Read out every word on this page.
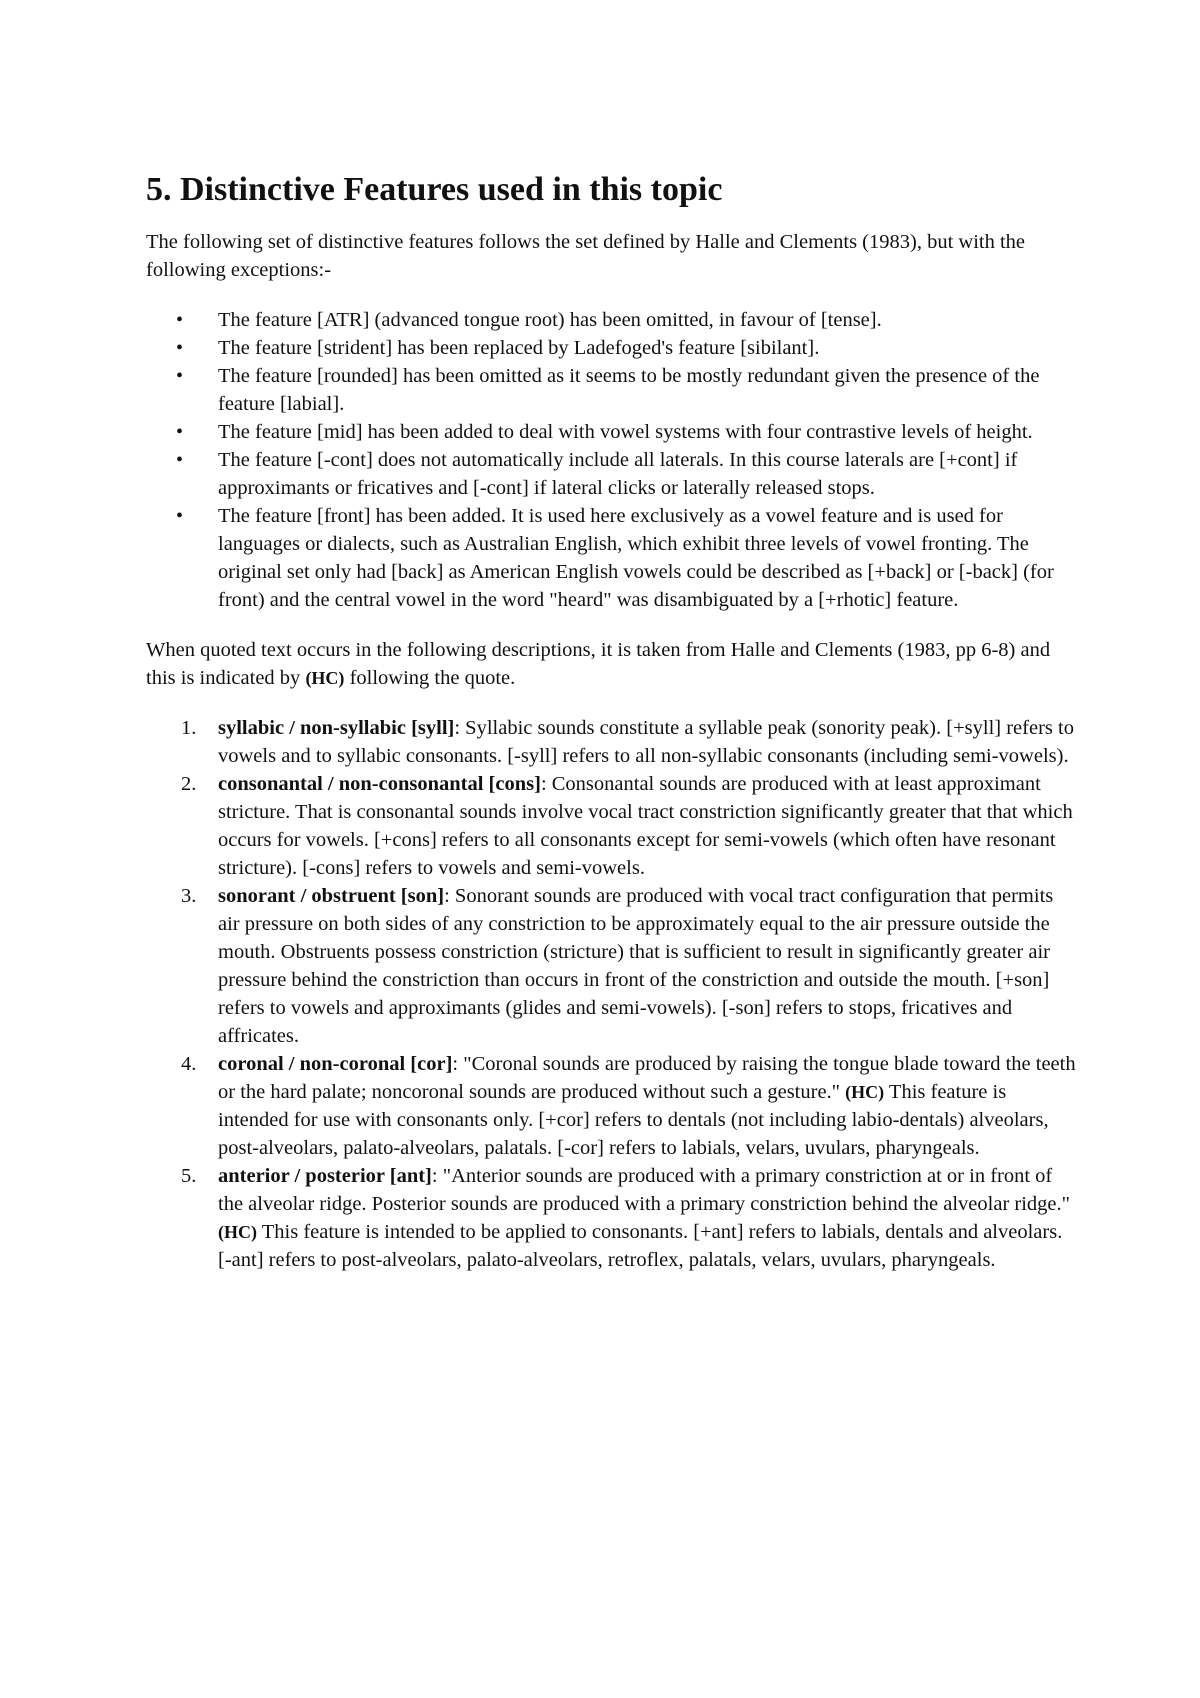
5. Distinctive Features used in this topic

The following set of distinctive features follows the set defined by Halle and Clements (1983), but with the following exceptions:-

• The feature [ATR] (advanced tongue root) has been omitted, in favour of [tense].
• The feature [strident] has been replaced by Ladefoged's feature [sibilant].
• The feature [rounded] has been omitted as it seems to be mostly redundant given the presence of the feature [labial].
• The feature [mid] has been added to deal with vowel systems with four contrastive levels of height.
• The feature [-cont] does not automatically include all laterals. In this course laterals are [+cont] if approximants or fricatives and [-cont] if lateral clicks or laterally released stops.
• The feature [front] has been added. It is used here exclusively as a vowel feature and is used for languages or dialects, such as Australian English, which exhibit three levels of vowel fronting. The original set only had [back] as American English vowels could be described as [+back] or [-back] (for front) and the central vowel in the word "heard" was disambiguated by a [+rhotic] feature.

When quoted text occurs in the following descriptions, it is taken from Halle and Clements (1983, pp 6-8) and this is indicated by (HC) following the quote.

1. syllabic / non-syllabic [syll]: Syllabic sounds constitute a syllable peak (sonority peak). [+syll] refers to vowels and to syllabic consonants. [-syll] refers to all non-syllabic consonants (including semi-vowels).
2. consonantal / non-consonantal [cons]: Consonantal sounds are produced with at least approximant stricture. That is consonantal sounds involve vocal tract constriction significantly greater that that which occurs for vowels. [+cons] refers to all consonants except for semi-vowels (which often have resonant stricture). [-cons] refers to vowels and semi-vowels.
3. sonorant / obstruent [son]: Sonorant sounds are produced with vocal tract configuration that permits air pressure on both sides of any constriction to be approximately equal to the air pressure outside the mouth. Obstruents possess constriction (stricture) that is sufficient to result in significantly greater air pressure behind the constriction than occurs in front of the constriction and outside the mouth. [+son] refers to vowels and approximants (glides and semi-vowels). [-son] refers to stops, fricatives and affricates.
4. coronal / non-coronal [cor]: "Coronal sounds are produced by raising the tongue blade toward the teeth or the hard palate; noncoronal sounds are produced without such a gesture." (HC) This feature is intended for use with consonants only. [+cor] refers to dentals (not including labio-dentals) alveolars, post-alveolars, palato-alveolars, palatals. [-cor] refers to labials, velars, uvulars, pharyngeals.
5. anterior / posterior [ant]: "Anterior sounds are produced with a primary constriction at or in front of the alveolar ridge. Posterior sounds are produced with a primary constriction behind the alveolar ridge." (HC) This feature is intended to be applied to consonants. [+ant] refers to labials, dentals and alveolars. [-ant] refers to post-alveolars, palato-alveolars, retroflex, palatals, velars, uvulars, pharyngeals.
